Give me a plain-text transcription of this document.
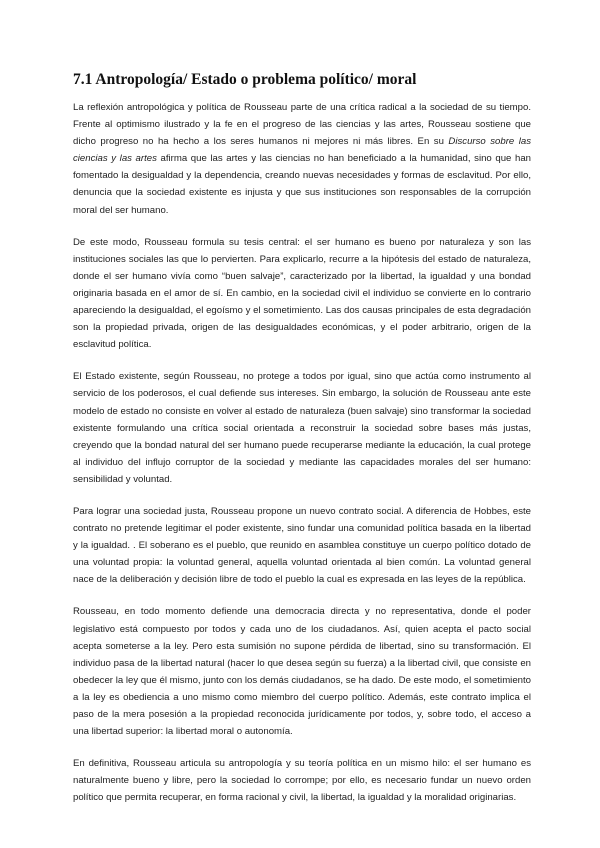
7.1 Antropología/ Estado o problema político/ moral

La reflexión antropológica y política de Rousseau parte de una crítica radical a la sociedad de su tiempo. Frente al optimismo ilustrado y la fe en el progreso de las ciencias y las artes, Rousseau sostiene que dicho progreso no ha hecho a los seres humanos ni mejores ni más libres. En su Discurso sobre las ciencias y las artes afirma que las artes y las ciencias no han beneficiado a la humanidad, sino que han fomentado la desigualdad y la dependencia, creando nuevas necesidades y formas de esclavitud. Por ello, denuncia que la sociedad existente es injusta y que sus instituciones son responsables de la corrupción moral del ser humano.

De este modo, Rousseau formula su tesis central: el ser humano es bueno por naturaleza y son las instituciones sociales las que lo pervierten. Para explicarlo, recurre a la hipótesis del estado de naturaleza, donde el ser humano vivía como “buen salvaje”, caracterizado por la libertad, la igualdad y una bondad originaria basada en el amor de sí. En cambio, en la sociedad civil el individuo se convierte en lo contrario apareciendo la desigualdad, el egoísmo y el sometimiento. Las dos causas principales de esta degradación son la propiedad privada, origen de las desigualdades económicas, y el poder arbitrario, origen de la esclavitud política.

El Estado existente, según Rousseau, no protege a todos por igual, sino que actúa como instrumento al servicio de los poderosos, el cual defiende sus intereses. Sin embargo, la solución de Rousseau ante este modelo de estado no consiste en volver al estado de naturaleza (buen salvaje) sino transformar la sociedad existente formulando una crítica social orientada a reconstruir la sociedad sobre bases más justas, creyendo que la bondad natural del ser humano puede recuperarse mediante la educación, la cual protege al individuo del influjo corruptor de la sociedad y mediante las capacidades morales del ser humano: sensibilidad y voluntad.

Para lograr una sociedad justa, Rousseau propone un nuevo contrato social. A diferencia de Hobbes, este contrato no pretende legitimar el poder existente, sino fundar una comunidad política basada en la libertad y la igualdad. . El soberano es el pueblo, que reunido en asamblea constituye un cuerpo político dotado de una voluntad propia: la voluntad general, aquella voluntad orientada al bien común. La voluntad general nace de la deliberación y decisión libre de todo el pueblo la cual es expresada en las leyes de la república.

Rousseau, en todo momento defiende una democracia directa y no representativa, donde el poder legislativo está compuesto por todos y cada uno de los ciudadanos. Así, quien acepta el pacto social acepta someterse a la ley. Pero esta sumisión no supone pérdida de libertad, sino su transformación. El individuo pasa de la libertad natural (hacer lo que desea según su fuerza) a la libertad civil, que consiste en obedecer la ley que él mismo, junto con los demás ciudadanos, se ha dado. De este modo, el sometimiento a la ley es obediencia a uno mismo como miembro del cuerpo político. Además, este contrato implica el paso de la mera posesión a la propiedad reconocida jurídicamente por todos, y, sobre todo, el acceso a una libertad superior: la libertad moral o autonomía.

En definitiva, Rousseau articula su antropología y su teoría política en un mismo hilo: el ser humano es naturalmente bueno y libre, pero la sociedad lo corrompe; por ello, es necesario fundar un nuevo orden político que permita recuperar, en forma racional y civil, la libertad, la igualdad y la moralidad originarias.
